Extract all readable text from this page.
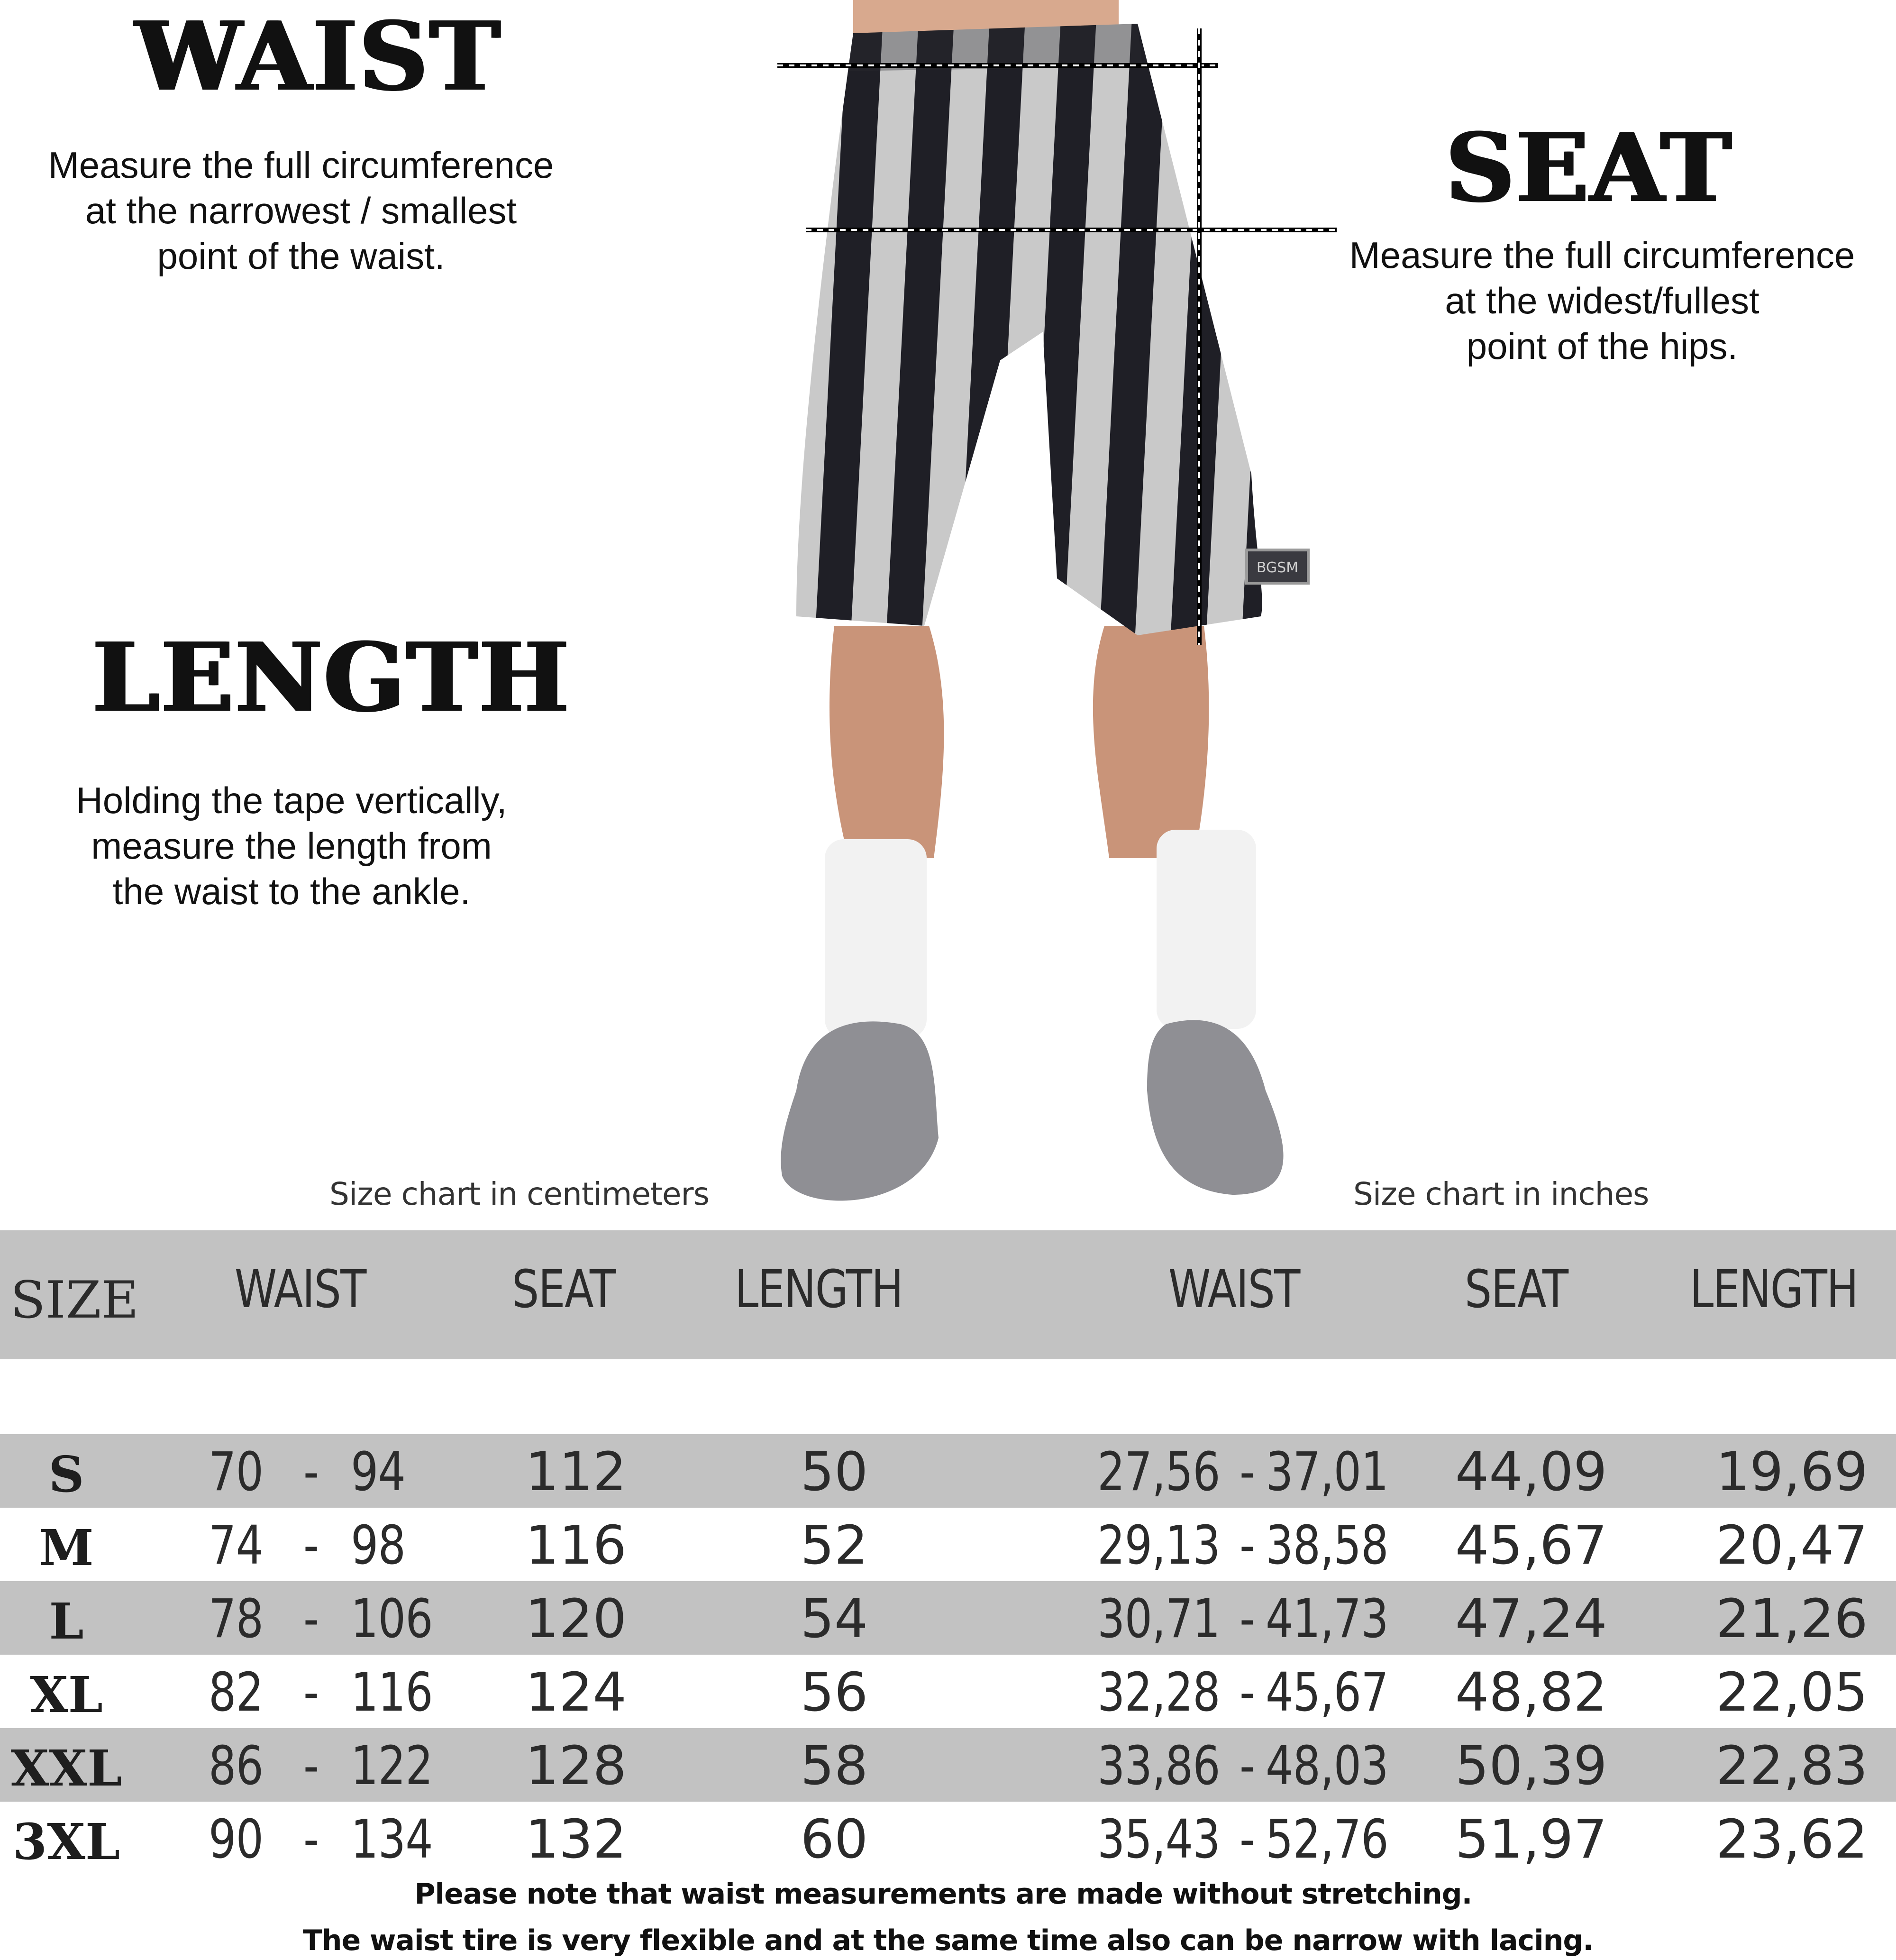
WAIST
Measure the full circumference
at the narrowest / smallest
point of the waist.
SEAT
Measure the full circumference
at the widest/fullest
point of the hips.
LENGTH
Holding the tape vertically,
measure the length from
the waist to the ankle.
BGSM
Size chart in centimeters	Size chart in inches
SIZE WAIST	SEAT LENGTH	WAIST	SEAT LENGTH
S	70 - 94	112	50	27,56 - 37,01 44,09 19,69
M	74 - 98	116	52	29,13 - 38,58 45,67 20,47
L	78 - 106	120	54	30,71 - 41,73 47,24 21,26
XL	82 - 116	124	56	32,28 - 45,67 48,82 22,05
XXL 86 - 122	128	58	33,86 - 48,03 50,39 22,83
3XL 90 - 134	132	60	35,43 - 52,76 51,97 23,62
Please note that waist measurements are made without stretching.
The waist tire is very flexible and at the same time also can be narrow with lacing.
